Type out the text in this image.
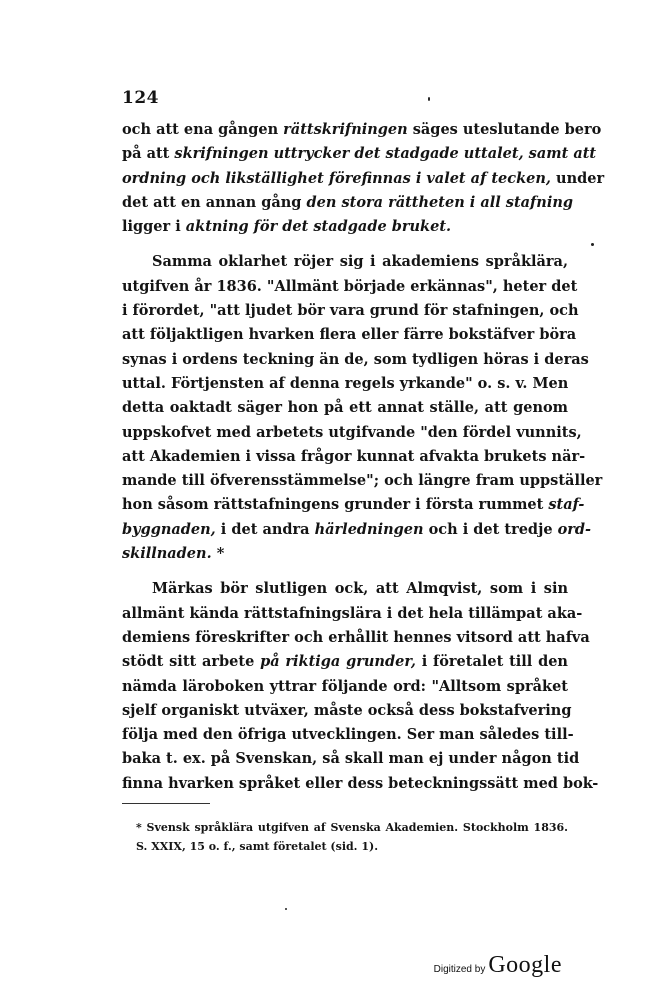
124
och att ena gången rättskrifningen säges uteslutande bero
på att skrifningen uttrycker det stadgade uttalet, samt att
ordning och likställighet förefinnas i valet af tecken, under
det att en annan gång den stora rättheten i all stafning
ligger i aktning för det stadgade bruket.
Samma oklarhet röjer sig i akademiens språklära,
utgifven år 1836. "Allmänt började erkännas", heter det
i förordet, "att ljudet bör vara grund för stafningen, och
att följaktligen hvarken flera eller färre bokstäfver böra
synas i ordens teckning än de, som tydligen höras i deras
uttal. Förtjensten af denna regels yrkande" o. s. v. Men
detta oaktadt säger hon på ett annat ställe, att genom
uppskofvet med arbetets utgifvande "den fördel vunnits,
att Akademien i vissa frågor kunnat afvakta brukets när-
mande till öfverensstämmelse"; och längre fram uppställer
hon såsom rättstafningens grunder i första rummet staf-
byggnaden, i det andra härledningen och i det tredje ord-
skillnaden. *
Märkas bör slutligen ock, att Almqvist, som i sin
allmänt kända rättstafningslära i det hela tillämpat aka-
demiens föreskrifter och erhållit hennes vitsord att hafva
stödt sitt arbete på riktiga grunder, i företalet till den
nämda läroboken yttrar följande ord: "Alltsom språket
sjelf organiskt utväxer, måste också dess bokstafvering
följa med den öfriga utvecklingen. Ser man således till-
baka t. ex. på Svenskan, så skall man ej under någon tid
finna hvarken språket eller dess beteckningssätt med bok-
* Svensk språklära utgifven af Svenska Akademien. Stockholm 1836.
S. XXIX, 15 o. f., samt företalet (sid. 1).
Digitized by Google
